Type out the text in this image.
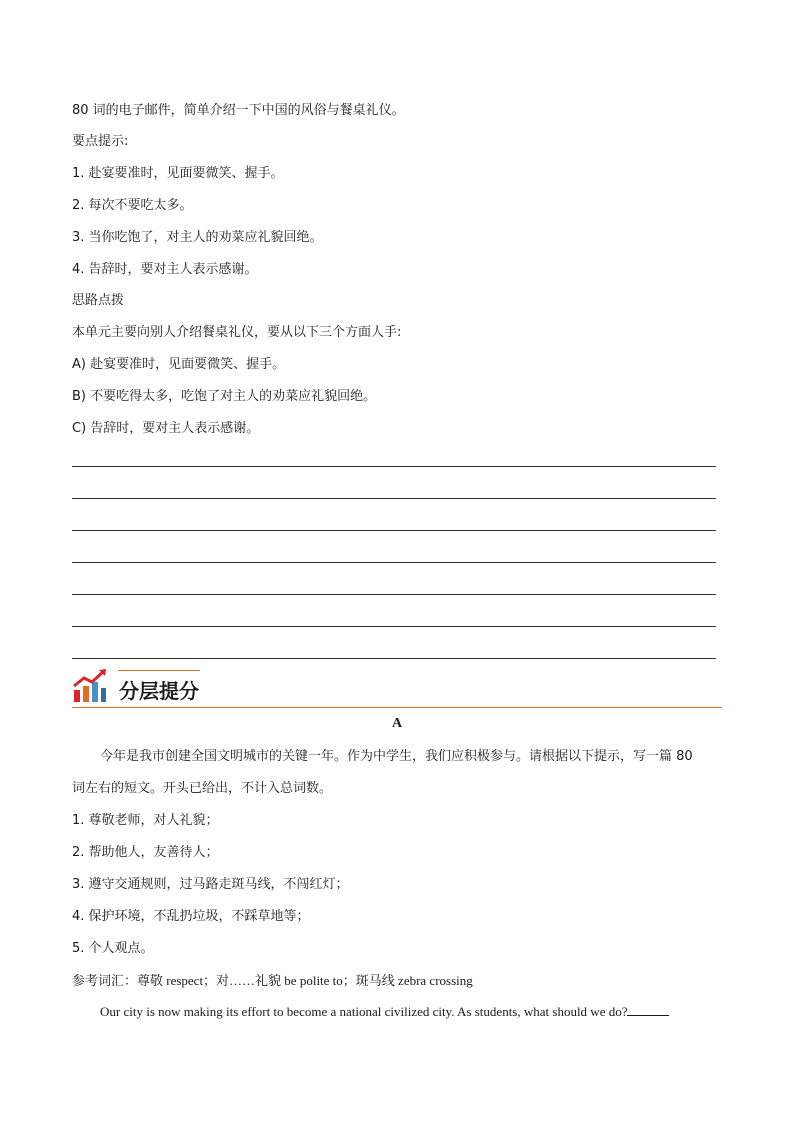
80 词的电子邮件，简单介绍一下中国的风俗与餐桌礼仪。
要点提示:
1. 赴宴要准时，见面要微笑、握手。
2. 每次不要吃太多。
3. 当你吃饱了，对主人的劝菜应礼貌回绝。
4. 告辞时，要对主人表示感谢。
思路点拨
本单元主要向别人介绍餐桌礼仪，要从以下三个方面人手:
A) 赴宴要准时，见面要微笑、握手。
B) 不要吃得太多，吃饱了对主人的劝菜应礼貌回绝。
C) 告辞时，要对主人表示感谢。
分层提分
A
今年是我市创建全国文明城市的关键一年。作为中学生，我们应积极参与。请根据以下提示，写一篇 80
词左右的短文。开头已给出，不计入总词数。
1. 尊敬老师，对人礼貌；
2. 帮助他人，友善待人；
3. 遵守交通规则，过马路走斑马线，不闯红灯；
4. 保护环境，不乱扔垃圾，不踩草地等；
5. 个人观点。
参考词汇：尊敬 respect；对……礼貌 be polite to；斑马线 zebra crossing
Our city is now making its effort to become a national civilized city. As students, what should we do?
